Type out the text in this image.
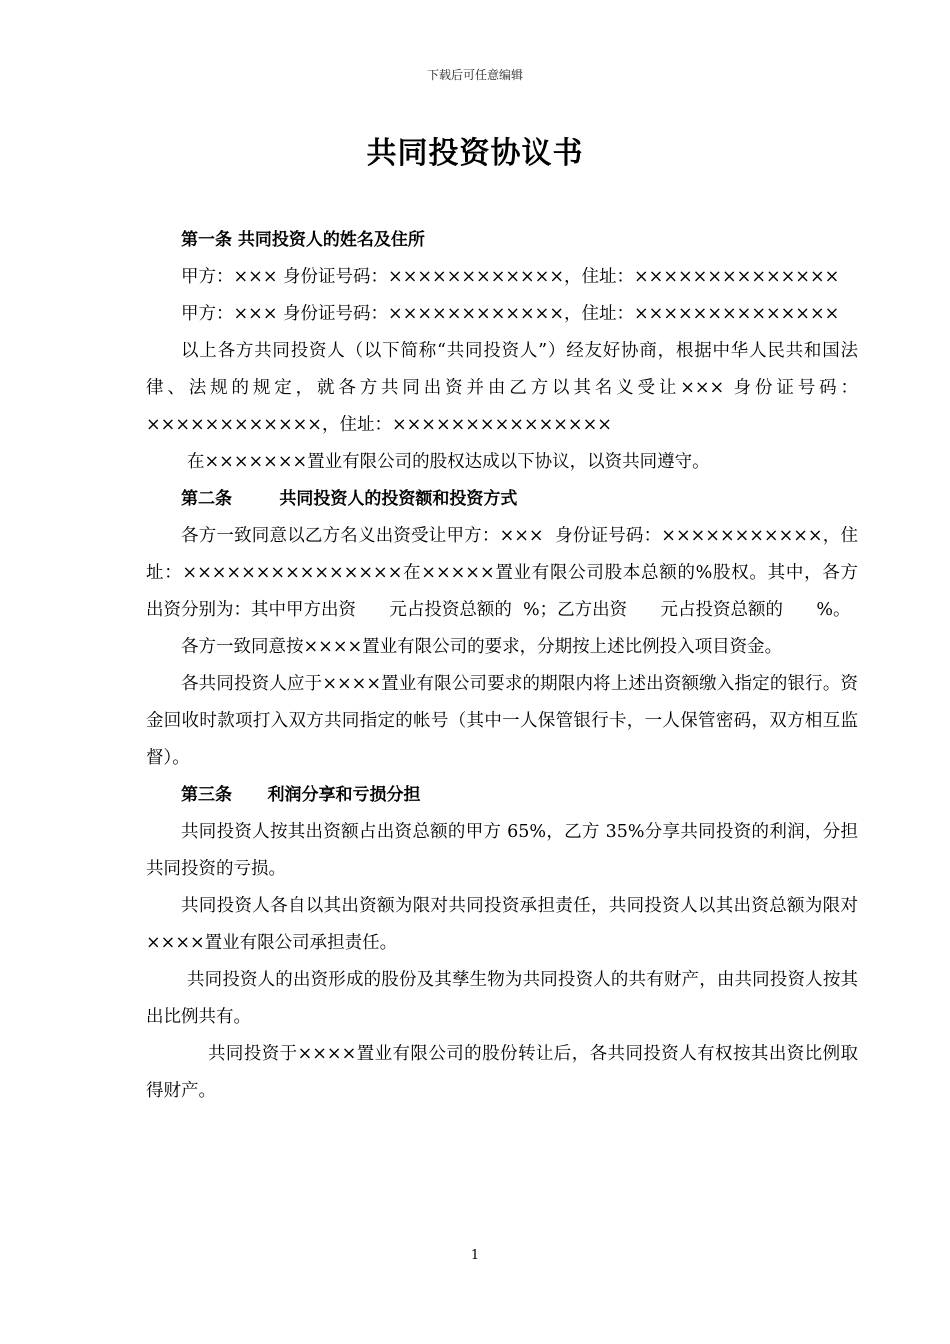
下载后可任意编辑
共同投资协议书

第一条 共同投资人的姓名及住所

甲方：××× 身份证号码：××××××××××××，住址：××××××××××××××

甲方：××× 身份证号码：××××××××××××，住址：××××××××××××××

以上各方共同投资人（以下简称“共同投资人”）经友好协商，根据中华人民共和国法律、法规的规定，就各方共同出资并由乙方以其名义受让××× 身份证号码：××××××××××××，住址：×××××××××××××××

在×××××××置业有限公司的股权达成以下协议，以资共同遵守。

第二条        共同投资人的投资额和投资方式

各方一致同意以乙方名义出资受让甲方：×××  身份证号码：×××××××××××，住址：×××××××××××××××在×××××置业有限公司股本总额的%股权。其中，各方出资分别为：其中甲方出资      元占投资总额的  %；乙方出资      元占投资总额的      %。

各方一致同意按××××置业有限公司的要求，分期按上述比例投入项目资金。

各共同投资人应于××××置业有限公司要求的期限内将上述出资额缴入指定的银行。资金回收时款项打入双方共同指定的帐号（其中一人保管银行卡，一人保管密码，双方相互监督）。

第三条      利润分享和亏损分担

共同投资人按其出资额占出资总额的甲方 65%，乙方 35%分享共同投资的利润，分担共同投资的亏损。

共同投资人各自以其出资额为限对共同投资承担责任，共同投资人以其出资总额为限对××××置业有限公司承担责任。

共同投资人的出资形成的股份及其孳生物为共同投资人的共有财产，由共同投资人按其出比例共有。

共同投资于××××置业有限公司的股份转让后，各共同投资人有权按其出资比例取得财产。

1
